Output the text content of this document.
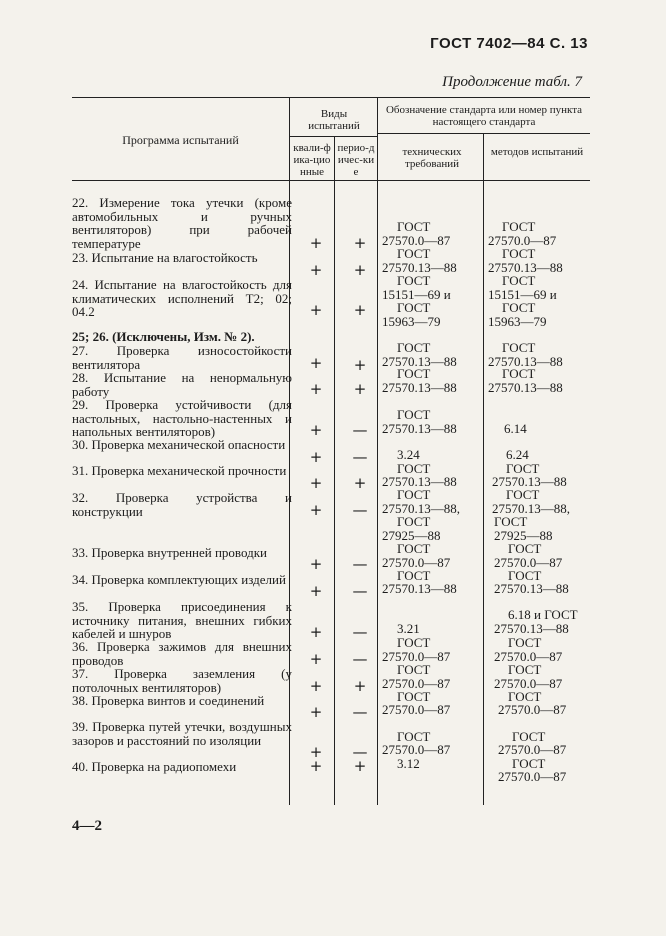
ГОСТ 7402—84 С. 13
Продолжение табл. 7
Программа испытаний
Виды испытаний
квали-фика-ционные
перио-дичес-кие
Обозначение стандарта или номер пункта настоящего стандарта
технических требований
методов испытаний
22. Измерение тока утечки (кроме автомобильных и ручных вентиляторов) при рабочей температуре
23. Испытание на влагостойкость
24. Испытание на влагостойкость для климатических исполнений Т2; 02; 04.2
25; 26. (Исключены, Изм. № 2).
27. Проверка износостойкости вентилятора
28. Испытание на ненормальную работу
29. Проверка устойчивости (для настольных, настольно-настенных и напольных вентиляторов)
30. Проверка механической опасности
31. Проверка механической прочности
32. Проверка устройства и конструкции
33. Проверка внутренней проводки
34. Проверка комплектующих изделий
35. Проверка присоединения к источнику питания, внешних гибких кабелей и шнуров
36. Проверка зажимов для внешних проводов
37. Проверка заземления (у потолочных вентиляторов)
38. Проверка винтов и соединений
39. Проверка путей утечки, воздушных зазоров и расстояний по изоляции
40. Проверка на радиопомехи
+ +
+ +
+ +
+ +
+ +
+ —
+ —
+ +
+ —
+ —
+ —
+ —
+ —
+ +
+ —
+ —
+ +
ГОСТ
27570.0—87
ГОСТ
27570.13—88
ГОСТ
15151—69 и
ГОСТ
15963—79
ГОСТ
27570.13—88
ГОСТ
27570.13—88
ГОСТ
27570.13—88
3.24
ГОСТ
27570.13—88
ГОСТ
27570.13—88,
ГОСТ
27925—88
ГОСТ
27570.0—87
ГОСТ
27570.13—88
3.21
ГОСТ
27570.0—87
ГОСТ
27570.0—87
ГОСТ
27570.0—87
ГОСТ
27570.0—87
3.12
ГОСТ
27570.0—87
ГОСТ
27570.13—88
ГОСТ
15151—69 и
ГОСТ
15963—79
ГОСТ
27570.13—88
ГОСТ
27570.13—88
6.14
6.24
ГОСТ
27570.13—88
ГОСТ
27570.13—88,
ГОСТ
27925—88
ГОСТ
27570.0—87
ГОСТ
27570.13—88
6.18 и ГОСТ
27570.13—88
ГОСТ
27570.0—87
ГОСТ
27570.0—87
ГОСТ
27570.0—87
ГОСТ
27570.0—87
ГОСТ
27570.0—87
4—2
